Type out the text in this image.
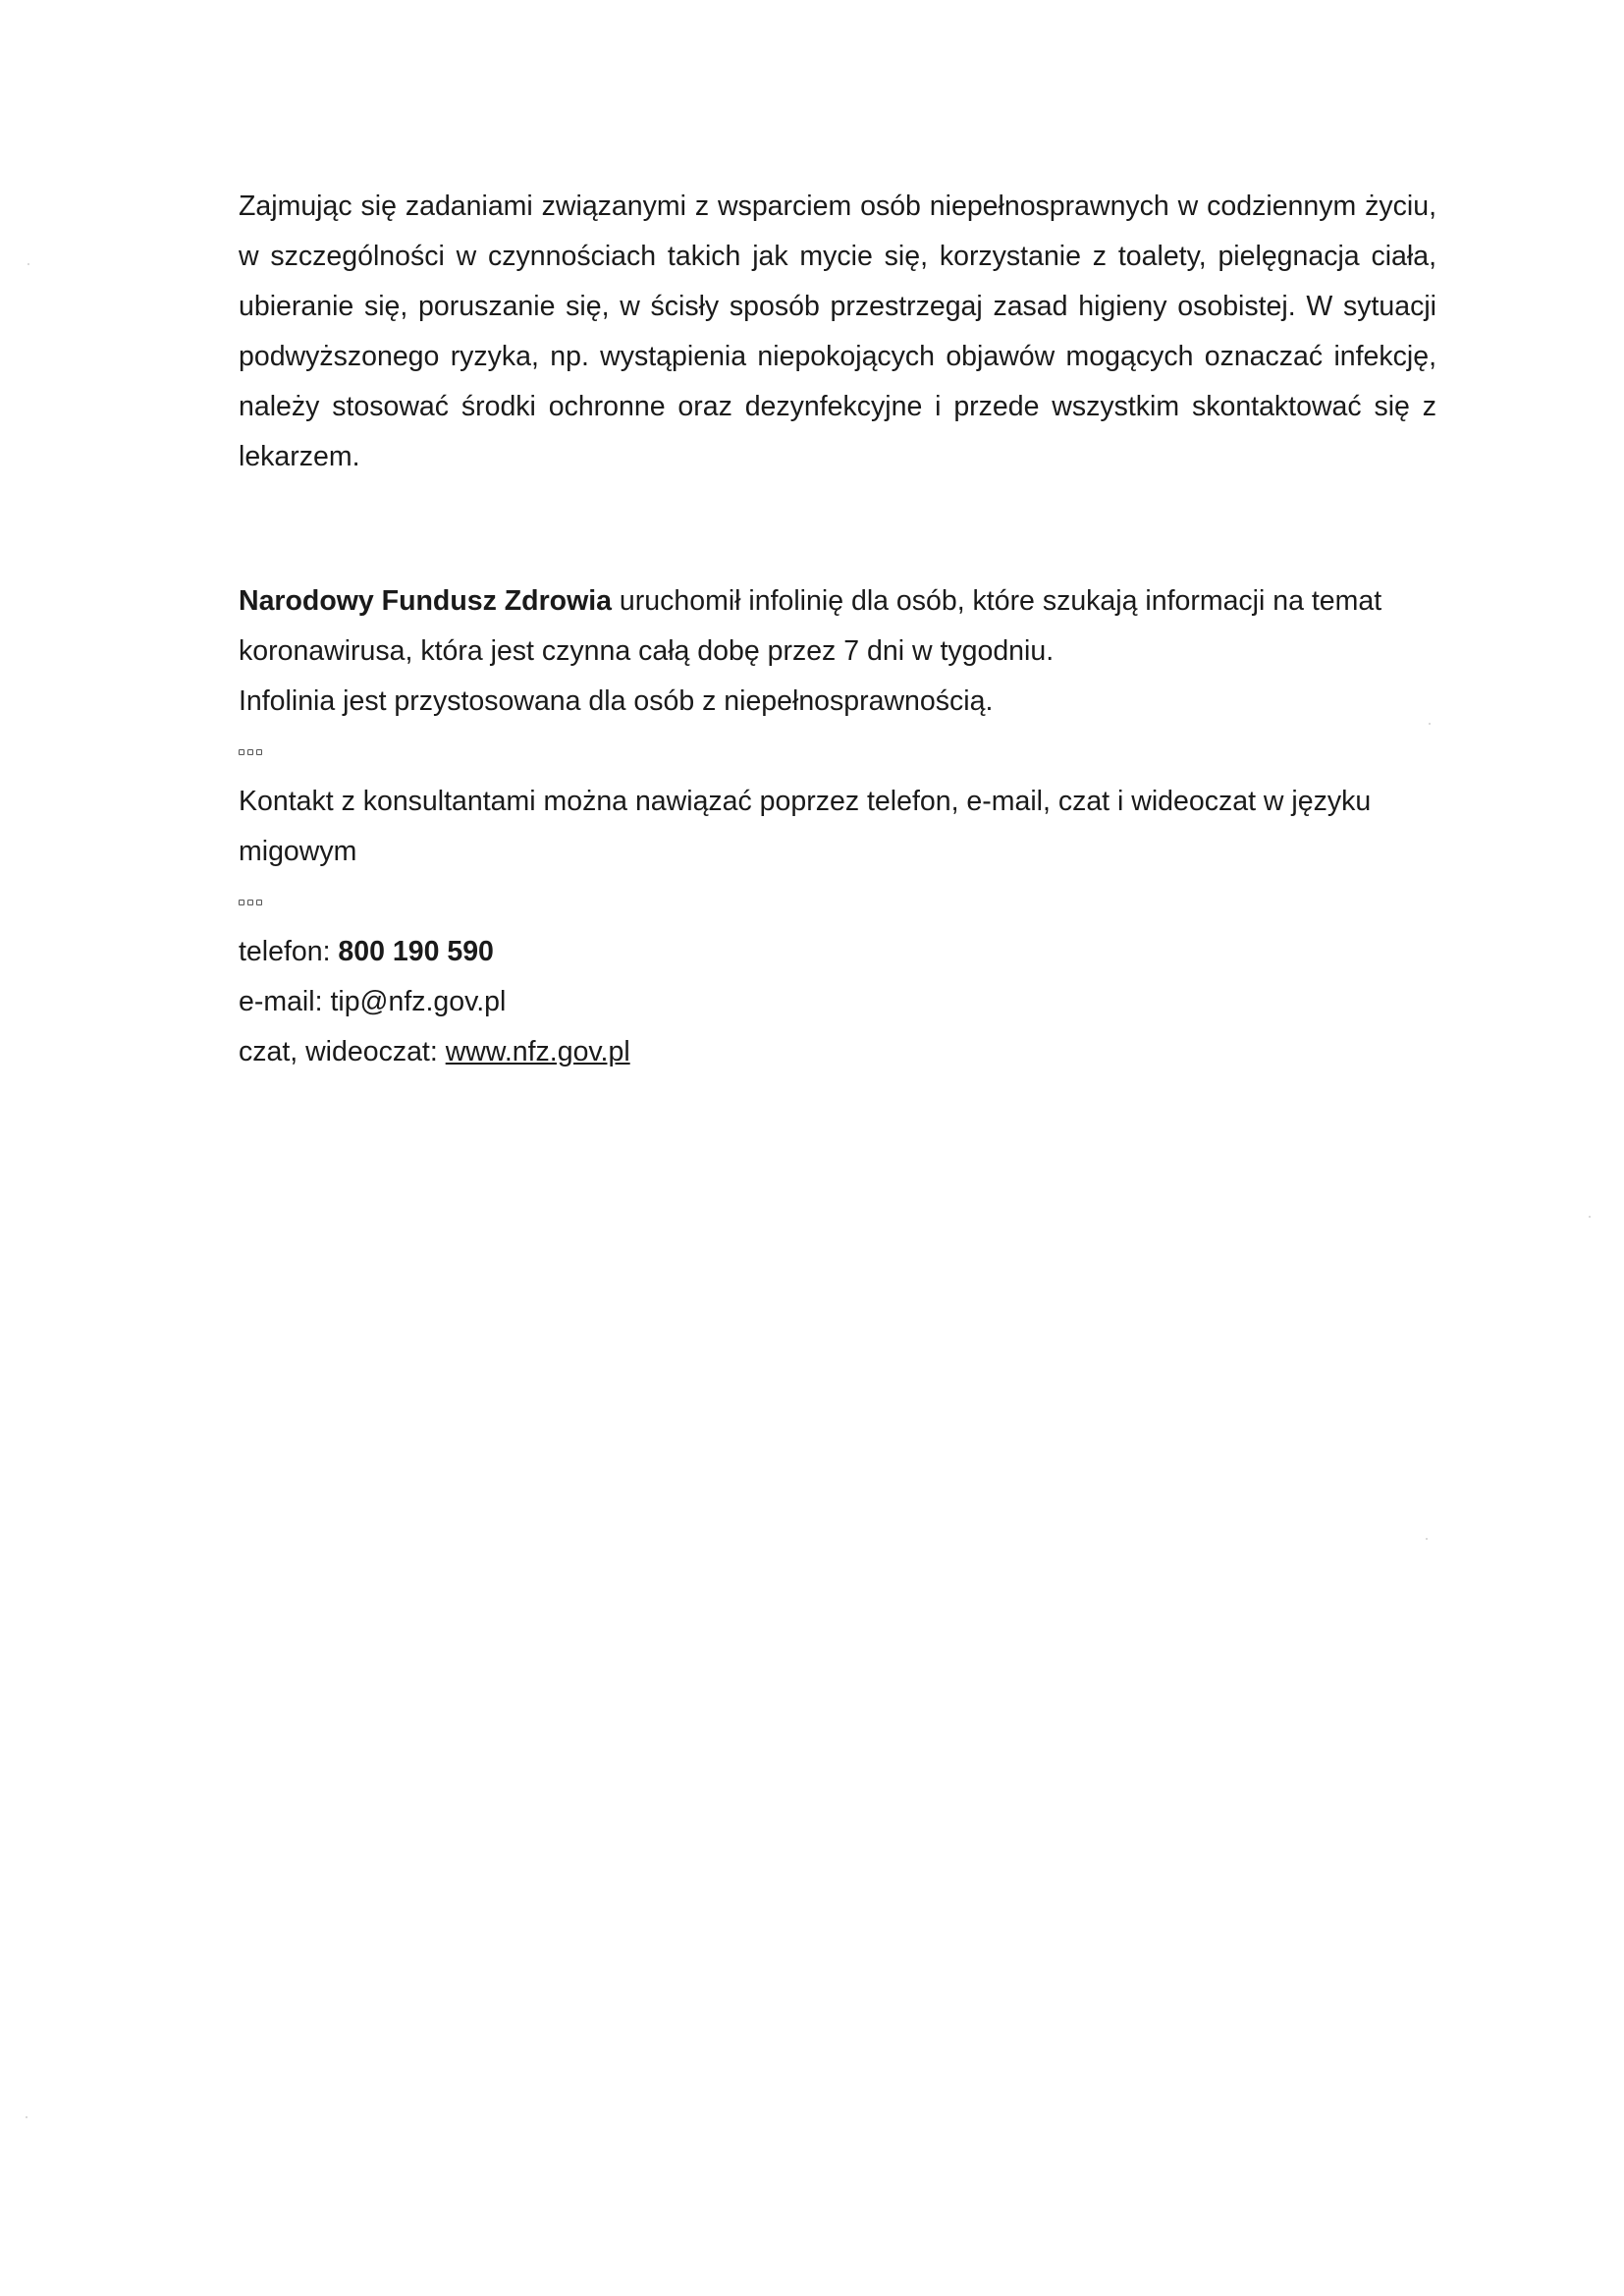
Zajmując się zadaniami związanymi z wsparciem osób niepełnosprawnych w codziennym życiu, w szczególności w czynnościach takich jak mycie się, korzystanie z toalety, pielęgnacja ciała, ubieranie się, poruszanie się, w ścisły sposób przestrzegaj zasad higieny osobistej. W sytuacji podwyższonego ryzyka, np. wystąpienia niepokojących objawów mogących oznaczać infekcję, należy stosować środki ochronne oraz dezynfekcyjne i przede wszystkim skontaktować się z lekarzem.

Narodowy Fundusz Zdrowia uruchomił infolinię dla osób, które szukają informacji na temat koronawirusa, która jest czynna całą dobę przez 7 dni w tygodniu.

Infolinia jest przystosowana dla osób z niepełnosprawnością.

Kontakt z konsultantami można nawiązać poprzez telefon, e-mail, czat i wideoczat w języku migowym

telefon: 800 190 590

e-mail: tip@nfz.gov.pl

czat, wideoczat: www.nfz.gov.pl
